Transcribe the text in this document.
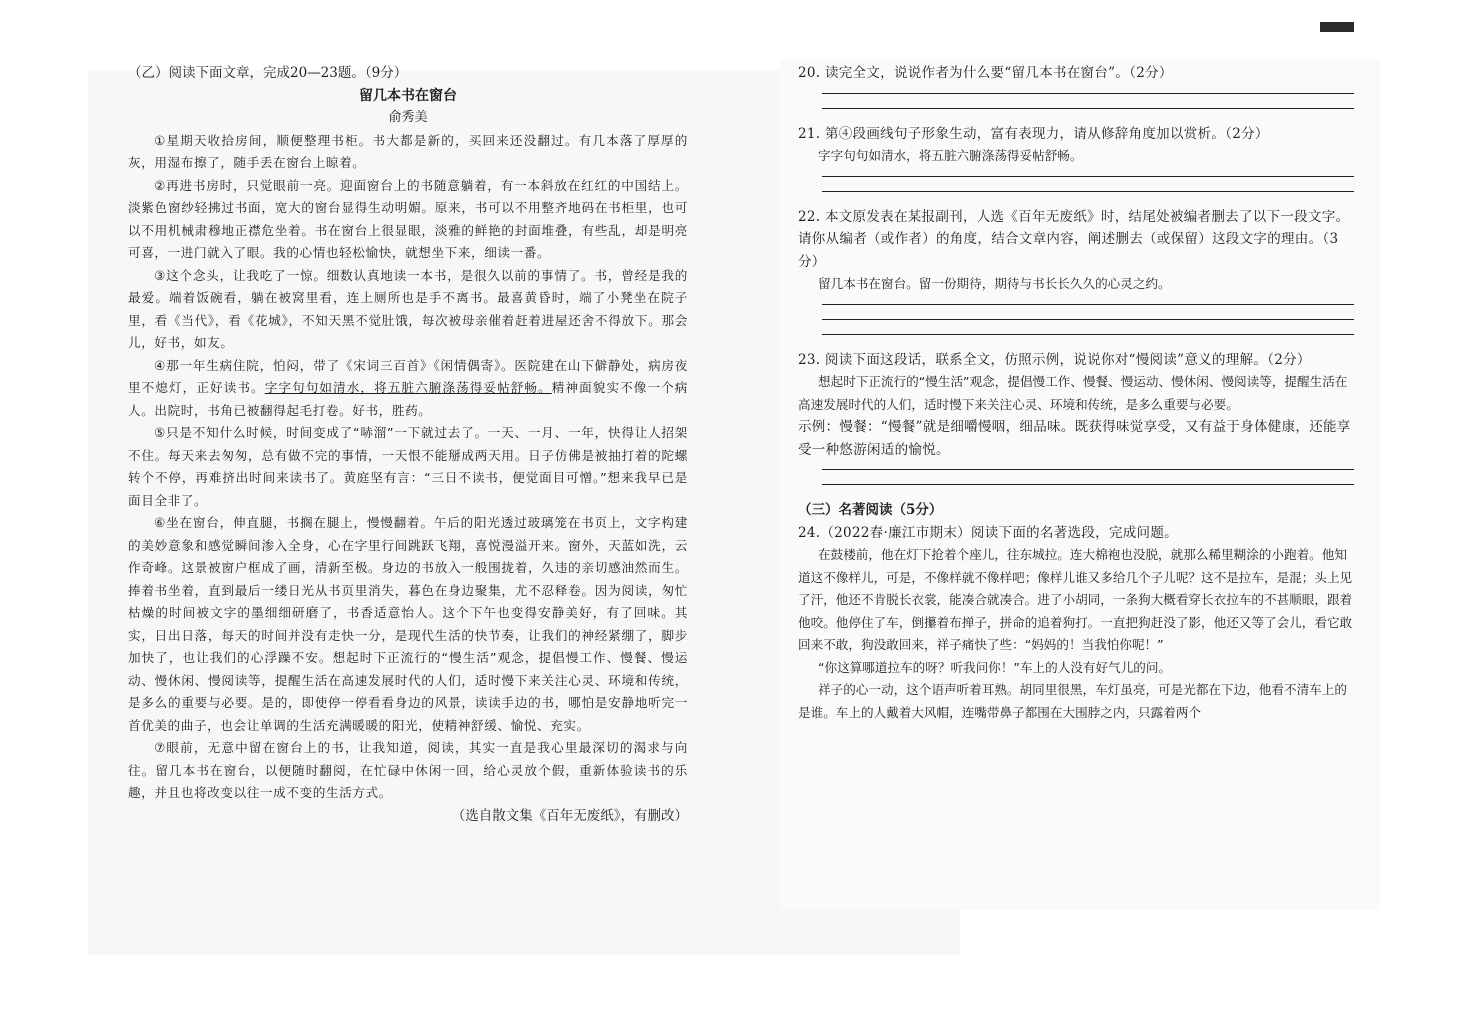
（乙）阅读下面文章，完成20—23题。（9分）

留几本书在窗台

俞秀美

①星期天收拾房间，顺便整理书柜。书大都是新的，买回来还没翻过。有几本落了厚厚的灰，用湿布擦了，随手丢在窗台上晾着。

②再进书房时，只觉眼前一亮。迎面窗台上的书随意躺着，有一本斜放在红红的中国结上。淡紫色窗纱轻拂过书面，宽大的窗台显得生动明媚。原来，书可以不用整齐地码在书柜里，也可以不用机械肃穆地正襟危坐着。书在窗台上很显眼，淡雅的鲜艳的封面堆叠，有些乱，却是明亮可喜，一进门就入了眼。我的心情也轻松愉快，就想坐下来，细读一番。

③这个念头，让我吃了一惊。细数认真地读一本书，是很久以前的事情了。书，曾经是我的最爱。端着饭碗看，躺在被窝里看，连上厕所也是手不离书。最喜黄昏时，端了小凳坐在院子里，看《当代》，看《花城》，不知天黑不觉肚饿，每次被母亲催着赶着进屋还舍不得放下。那会儿，好书，如友。

④那一年生病住院，怕闷，带了《宋词三百首》《闲情偶寄》。医院建在山下僻静处，病房夜里不熄灯，正好读书。字字句句如清水，将五脏六腑涤荡得妥帖舒畅。精神面貌实不像一个病人。出院时，书角已被翻得起毛打卷。好书，胜药。

⑤只是不知什么时候，时间变成了“哧溜”一下就过去了。一天、一月、一年，快得让人招架不住。每天来去匆匆，总有做不完的事情，一天恨不能掰成两天用。日子仿佛是被抽打着的陀螺转个不停，再难挤出时间来读书了。黄庭坚有言：“三日不读书，便觉面目可憎。”想来我早已是面目全非了。

⑥坐在窗台，伸直腿，书搁在腿上，慢慢翻着。午后的阳光透过玻璃笼在书页上，文字构建的美妙意象和感觉瞬间渗入全身，心在字里行间跳跃飞翔，喜悦漫溢开来。窗外，天蓝如洗，云作奇峰。这景被窗户框成了画，清新至极。身边的书放入一般围拢着，久违的亲切感油然而生。捧着书坐着，直到最后一缕日光从书页里消失，暮色在身边聚集，尤不忍释卷。因为阅读，匆忙枯燥的时间被文字的墨细细研磨了，书香适意怡人。这个下午也变得安静美好，有了回味。其实，日出日落，每天的时间并没有走快一分，是现代生活的快节奏，让我们的神经紧绷了，脚步加快了，也让我们的心浮躁不安。想起时下正流行的“慢生活”观念，提倡慢工作、慢餐、慢运动、慢休闲、慢阅读等，提醒生活在高速发展时代的人们，适时慢下来关注心灵、环境和传统，是多么的重要与必要。是的，即使停一停看看身边的风景，读读手边的书，哪怕是安静地听完一首优美的曲子，也会让单调的生活充满暖暖的阳光，使精神舒缓、愉悦、充实。

⑦眼前，无意中留在窗台上的书，让我知道，阅读，其实一直是我心里最深切的渴求与向往。留几本书在窗台，以便随时翻阅，在忙碌中休闲一回，给心灵放个假，重新体验读书的乐趣，并且也将改变以往一成不变的生活方式。

（选自散文集《百年无废纸》，有删改）

20. 读完全文，说说作者为什么要“留几本书在窗台”。（2分）

21. 第④段画线句子形象生动，富有表现力，请从修辞角度加以赏析。（2分）

字字句句如清水，将五脏六腑涤荡得妥帖舒畅。

22. 本文原发表在某报副刊，人选《百年无废纸》时，结尾处被编者删去了以下一段文字。请你从编者（或作者）的角度，结合文章内容，阐述删去（或保留）这段文字的理由。（3分）

留几本书在窗台。留一份期待，期待与书长长久久的心灵之约。

23. 阅读下面这段话，联系全文，仿照示例，说说你对“慢阅读”意义的理解。（2分）

想起时下正流行的“慢生活”观念，提倡慢工作、慢餐、慢运动、慢休闲、慢阅读等，提醒生活在高速发展时代的人们，适时慢下来关注心灵、环境和传统，是多么重要与必要。

示例：慢餐：“慢餐”就是细嚼慢咽，细品味。既获得味觉享受，又有益于身体健康，还能享受一种悠游闲适的愉悦。

（三）名著阅读（5分）

24.（2022春·廉江市期末）阅读下面的名著选段，完成问题。

在鼓楼前，他在灯下抢着个座儿，往东城拉。连大棉袍也没脱，就那么稀里糊涂的小跑着。他知道这不像样儿，可是，不像样就不像样吧；像样儿谁又多给几个子儿呢？这不是拉车，是混；头上见了汗，他还不肯脱长衣裳，能凑合就凑合。进了小胡同，一条狗大概看穿长衣拉车的不甚顺眼，跟着他咬。他停住了车，倒攥着布掸子，拼命的追着狗打。一直把狗赶没了影，他还又等了会儿，看它敢回来不敢，狗没敢回来，祥子痛快了些：“妈妈的！当我怕你呢！”

“你这算哪道拉车的呀？听我问你！”车上的人没有好气儿的问。

祥子的心一动，这个语声听着耳熟。胡同里很黑，车灯虽亮，可是光都在下边，他看不清车上的是谁。车上的人戴着大风帽，连嘴带鼻子都围在大围脖之内，只露着两个
